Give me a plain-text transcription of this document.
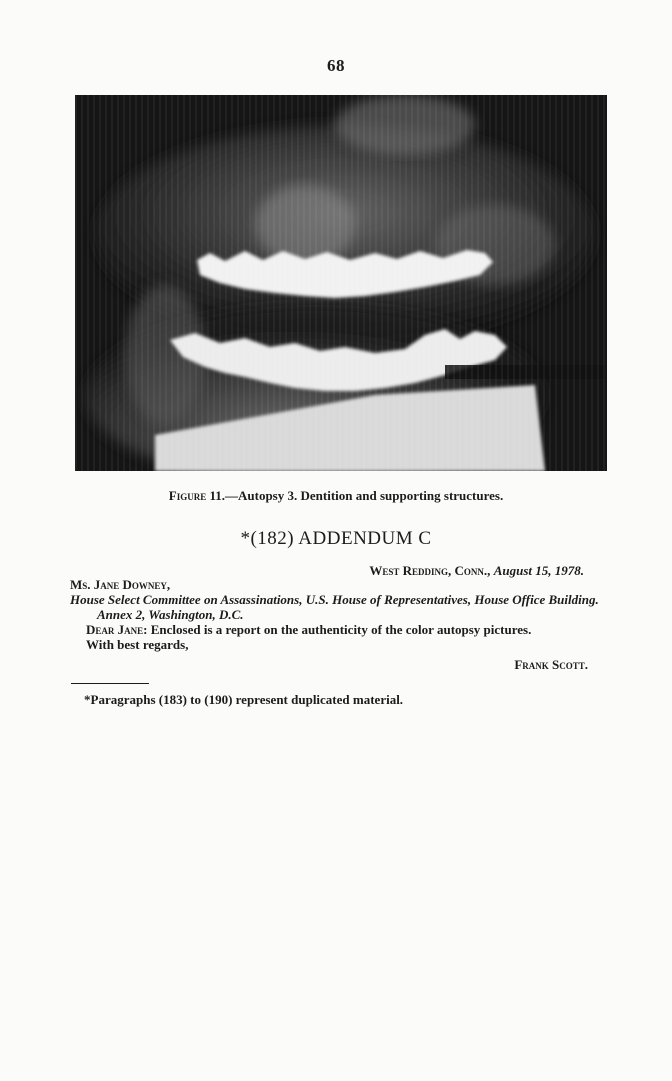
68
Figure 11.—Autopsy 3. Dentition and supporting structures.
*(182) ADDENDUM C
West Redding, Conn., August 15, 1978.

Ms. Jane Downey,

House Select Committee on Assassinations, U.S. House of Representatives, House Office Building. Annex 2, Washington, D.C.

Dear Jane: Enclosed is a report on the authenticity of the color autopsy pictures.

With best regards,

Frank Scott.

*Paragraphs (183) to (190) represent duplicated material.
